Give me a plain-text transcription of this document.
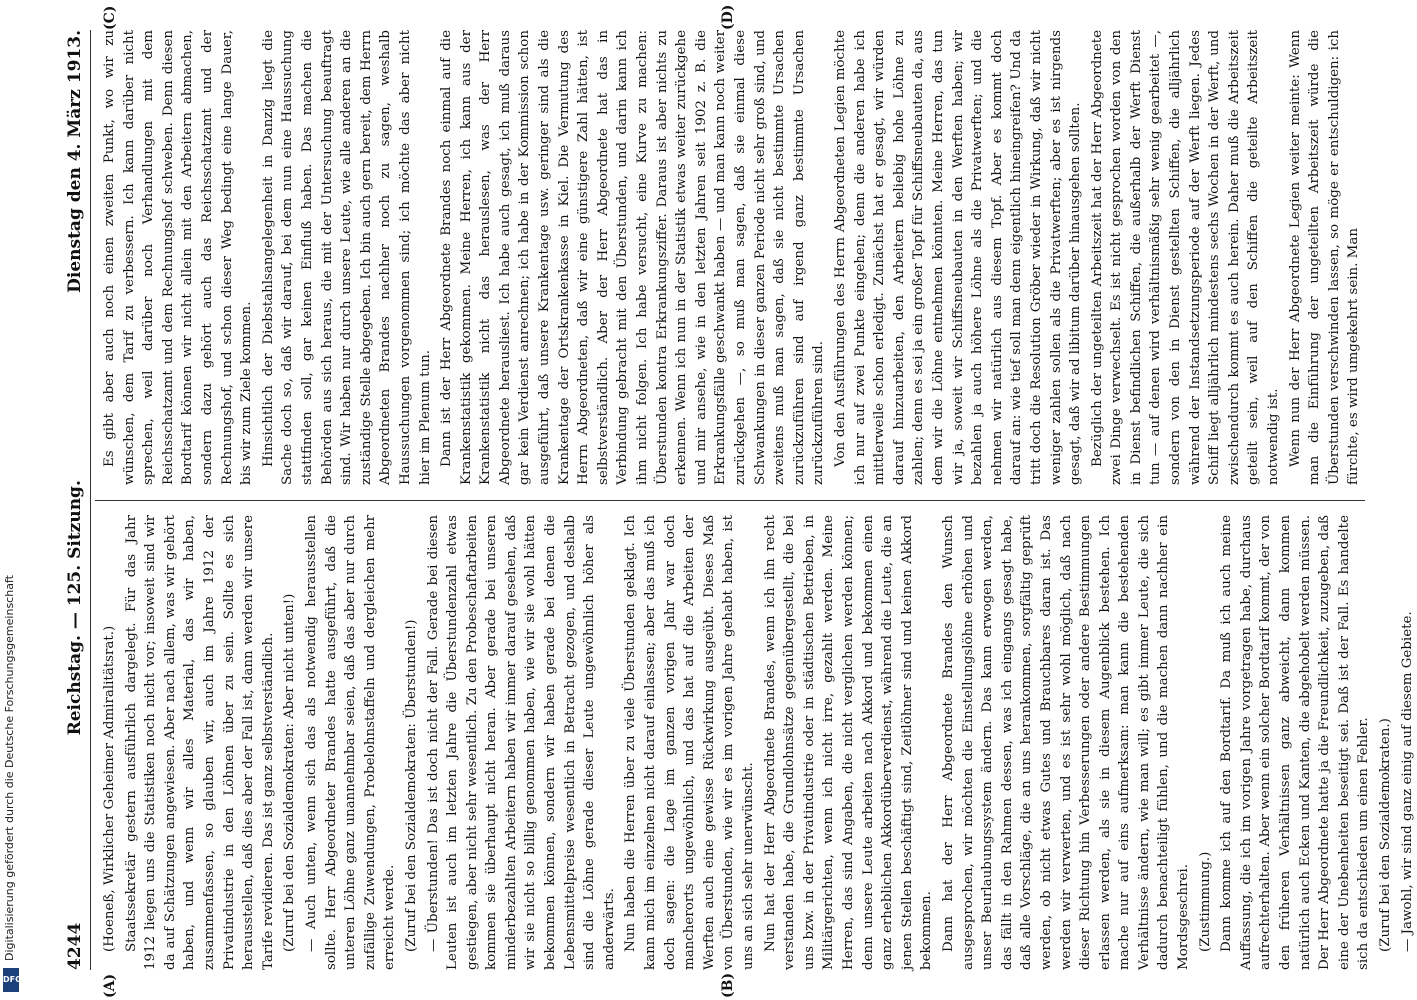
Digitalisierung gefördert durch die Deutsche Forschungsgemeinschaft
DFG
4244
Reichstag. — 125. Sitzung.
Dienstag den 4. März 1913.
(A)	(B)
(C)	(D)

(Hoeneß, Wirklicher Geheimer Admiralitätsrat.) Staatssekretär gestern ausführlich dargelegt. Für das Jahr 1912 liegen uns die Statistiken noch nicht vor; insoweit sind wir da auf Schätzungen angewiesen. Aber nach allem, was wir gehört haben, und wenn wir alles Material, das wir haben, zusammenfassen, so glauben wir, auch im Jahre 1912 der Privatindustrie in den Löhnen über zu sein. Sollte es sich herausstellen, daß dies aber der Fall ist, dann werden wir unsere Tarife revidieren. Das ist ganz selbstverständlich. (Zuruf bei den Sozialdemokraten: Aber nicht unten!) — Auch unten, wenn sich das als notwendig herausstellen sollte. Herr Abgeordneter Brandes hatte ausgeführt, daß die unteren Löhne ganz unannehmbar seien, daß das aber nur durch zufällige Zuwendungen, Probelohnstaffeln und dergleichen mehr erreicht werde. (Zuruf bei den Sozialdemokraten: Überstunden!) — Überstunden! Das ist doch nicht der Fall. Gerade bei diesen Leuten ist auch im letzten Jahre die Überstundenzahl etwas gestiegen, aber nicht sehr wesentlich. Zu den Probeschaftarbeiten kommen sie überhaupt nicht heran. Aber gerade bei unseren minderbezahlten Arbeitern haben wir immer darauf gesehen, daß wir sie nicht so billig genommen haben, wie wir sie wohl hätten bekommen können, sondern wir haben gerade bei denen die Lebensmittelpreise wesentlich in Betracht gezogen, und deshalb sind die Löhne gerade dieser Leute ungewöhnlich höher als anderwärts. Nun haben die Herren über zu viele Überstunden geklagt. Ich kann mich im einzelnen nicht darauf einlassen; aber das muß ich doch sagen: die Lage im ganzen vorigen Jahr war doch mancherorts ungewöhnlich, und das hat auf die Arbeiten der Werften auch eine gewisse Rückwirkung ausgeübt. Dieses Maß von Überstunden, wie wir es im vorigen Jahre gehabt haben, ist uns an sich sehr unerwünscht. Nun hat der Herr Abgeordnete Brandes, wenn ich ihn recht verstanden habe, die Grundlohnsätze gegenübergestellt, die bei uns bzw. in der Privatindustrie oder in städtischen Betrieben, in Militärgerichten, wenn ich nicht irre, gezahlt werden. Meine Herren, das sind Angaben, die nicht verglichen werden können; denn unsere Leute arbeiten nach Akkord und bekommen einen ganz erheblichen Akkordüberverdienst, während die Leute, die an jenen Stellen beschäftigt sind, Zeitlöhner sind und keinen Akkord bekommen. Dann hat der Herr Abgeordnete Brandes den Wunsch ausgesprochen, wir möchten die Einstellungslöhne erhöhen und unser Beurlaubungssystem ändern. Das kann erwogen werden, das fällt in den Rahmen dessen, was ich eingangs gesagt habe, daß alle Vorschläge, die an uns herankommen, sorgfältig geprüft werden, ob nicht etwas Gutes und Brauchbares daran ist. Das werden wir verwerten, und es ist sehr wohl möglich, daß nach dieser Richtung hin Verbesserungen oder andere Bestimmungen erlassen werden, als sie in diesem Augenblick bestehen. Ich mache nur auf eins aufmerksam: man kann die bestehenden Verhältnisse ändern, wie man will; es gibt immer Leute, die sich dadurch benachteiligt fühlen, und die machen dann nachher ein Mordsgeschrei. (Zustimmung.) Dann komme ich auf den Bordtarif. Da muß ich auch meine Auffassung, die ich im vorigen Jahre vorgetragen habe, durchaus aufrechterhalten. Aber wenn ein solcher Bordtarif kommt, der von den früheren Verhältnissen ganz abweicht, dann kommen natürlich auch Ecken und Kanten, die abgehobelt werden müssen. Der Herr Abgeordnete hatte ja die Freundlichkeit, zuzugeben, daß eine der Unebenheiten beseitigt sei. Daß ist der Fall. Es handelte sich da entschieden um einen Fehler. (Zuruf bei den Sozialdemokraten.) — Jawohl, wir sind ganz einig auf diesem Gebiete.

Es gibt aber auch noch einen zweiten Punkt, wo wir zu wünschen, dem Tarif zu verbessern. Ich kann darüber nicht sprechen, weil darüber noch Verhandlungen mit dem Reichsschatzamt und dem Rechnungshof schweben. Denn diesen Bordtarif können wir nicht allein mit den Arbeitern abmachen, sondern dazu gehört auch das Reichsschatzamt und der Rechnungshof, und schon dieser Weg bedingt eine lange Dauer, bis wir zum Ziele kommen. Hinsichtlich der Diebstahlsangelegenheit in Danzig liegt die Sache doch so, daß wir darauf, bei dem nun eine Haussuchung stattfinden soll, gar keinen Einfluß haben. Das machen die Behörden aus sich heraus, die mit der Untersuchung beauftragt sind. Wir haben nur durch unsere Leute, wie alle anderen an die zuständige Stelle abgegeben. Ich bin auch gern bereit, dem Herrn Abgeordneten Brandes nachher noch zu sagen, weshalb Haussuchungen vorgenommen sind; ich möchte das aber nicht hier im Plenum tun. Dann ist der Herr Abgeordnete Brandes noch einmal auf die Krankenstatistik gekommen. Meine Herren, ich kann aus der Krankenstatistik nicht das herauslesen, was der Herr Abgeordnete herausliest. Ich habe auch gesagt, ich muß daraus gar kein Verdienst anrechnen; ich habe in der Kommission schon ausgeführt, daß unsere Krankentage usw. geringer sind als die Krankentage der Ortskrankenkasse in Kiel. Die Vermutung des Herrn Abgeordneten, daß wir eine günstigere Zahl hätten, ist selbstverständlich. Aber der Herr Abgeordnete hat das in Verbindung gebracht mit den Überstunden, und darin kann ich ihm nicht folgen. Ich habe versucht, eine Kurve zu machen: Überstunden kontra Erkrankungsziffer. Daraus ist aber nichts zu erkennen. Wenn ich nun in der Statistik etwas weiter zurückgehe und mir ansehe, wie in den letzten Jahren seit 1902 z. B. die Erkrankungsfälle geschwankt haben — und man kann noch weiter zurückgehen —, so muß man sagen, daß sie einmal diese Schwankungen in dieser ganzen Periode nicht sehr groß sind, und zweitens muß man sagen, daß sie nicht bestimmte Ursachen zurückzuführen sind auf irgend ganz bestimmte Ursachen zurückzuführen sind. Von den Ausführungen des Herrn Abgeordneten Legien möchte ich nur auf zwei Punkte eingehen; denn die anderen habe ich mittlerweile schon erledigt. Zunächst hat er gesagt, wir würden darauf hinzuarbeiten, den Arbeitern beliebig hohe Löhne zu zahlen; denn es sei ja ein großer Topf für Schiffsneubauten da, aus dem wir die Löhne entnehmen könnten. Meine Herren, das tun wir ja, soweit wir Schiffsneubauten in den Werften haben; wir bezahlen ja auch höhere Löhne als die Privatwerften; und die nehmen wir natürlich aus diesem Topf. Aber es kommt doch darauf an: wie tief soll man denn eigentlich hineingreifen? Und da tritt doch die Resolution Gröber wieder in Wirkung, daß wir nicht weniger zahlen sollen als die Privatwerften; aber es ist nirgends gesagt, daß wir ad libitum darüber hinausgehen sollten. Bezüglich der ungeteilten Arbeitszeit hat der Herr Abgeordnete zwei Dinge verwechselt. Es ist nicht gesprochen worden von den in Dienst befindlichen Schiffen, die außerhalb der Werft Dienst tun — auf denen wird verhältnismäßig sehr wenig gearbeitet —, sondern von den in Dienst gestellten Schiffen, die alljährlich während der Instandsetzungsperiode auf der Werft liegen. Jedes Schiff liegt alljährlich mindestens sechs Wochen in der Werft, und zwischendurch kommt es auch herein. Daher muß die Arbeitszeit geteilt sein, weil auf den Schiffen die geteilte Arbeitszeit notwendig ist. Wenn nun der Herr Abgeordnete Legien weiter meinte: Wenn man die Einführung der ungeteilten Arbeitszeit würde die Überstunden verschwinden lassen, so möge er entschuldigen: ich fürchte, es wird umgekehrt sein. Man
